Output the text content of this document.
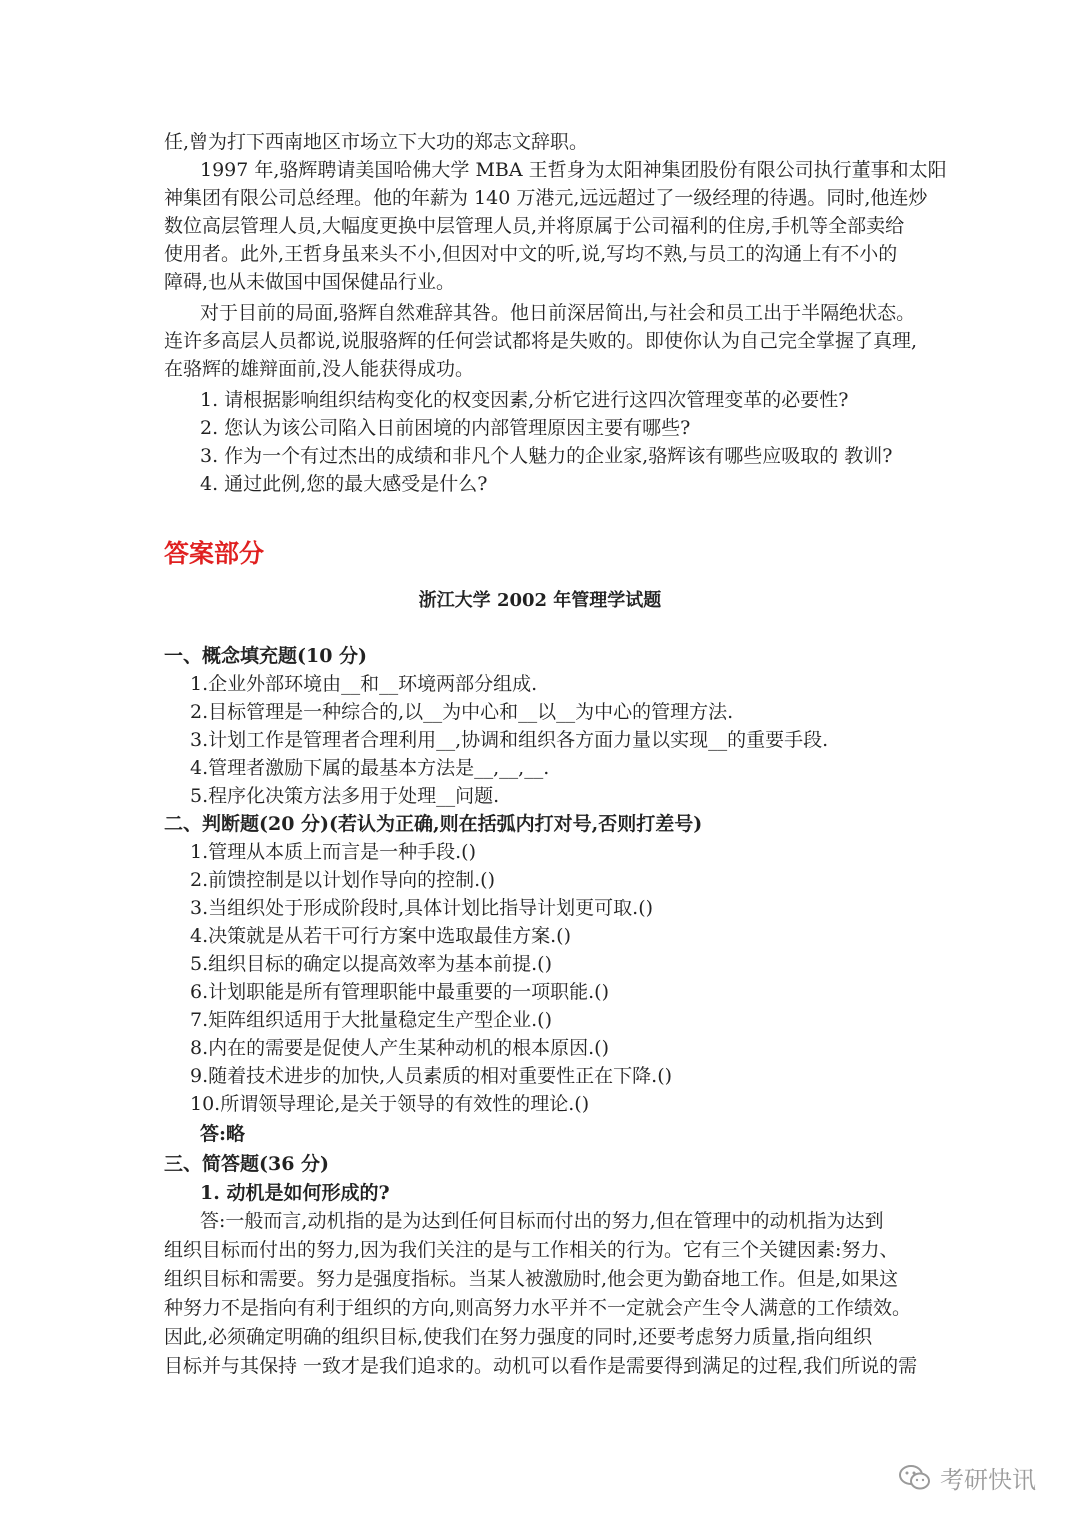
任,曾为打下西南地区市场立下大功的郑志文辞职。
1997 年,骆辉聘请美国哈佛大学 MBA 王哲身为太阳神集团股份有限公司执行董事和太阳
神集团有限公司总经理。他的年薪为 140 万港元,远远超过了一级经理的待遇。同时,他连炒
数位高层管理人员,大幅度更换中层管理人员,并将原属于公司福利的住房,手机等全部卖给
使用者。此外,王哲身虽来头不小,但因对中文的听,说,写均不熟,与员工的沟通上有不小的
障碍,也从未做国中国保健品行业。
对于目前的局面,骆辉自然难辞其咎。他日前深居简出,与社会和员工出于半隔绝状态。
连许多高层人员都说,说服骆辉的任何尝试都将是失败的。即使你认为自己完全掌握了真理,
在骆辉的雄辩面前,没人能获得成功。
1. 请根据影响组织结构变化的权变因素,分析它进行这四次管理变革的必要性?
2. 您认为该公司陷入日前困境的内部管理原因主要有哪些?
3. 作为一个有过杰出的成绩和非凡个人魅力的企业家,骆辉该有哪些应吸取的 教训?
4. 通过此例,您的最大感受是什么?
答案部分
浙江大学 2002 年管理学试题
一、概念填充题(10 分)
1.企业外部环境由__和__环境两部分组成.
2.目标管理是一种综合的,以__为中心和__以__为中心的管理方法.
3.计划工作是管理者合理利用__,协调和组织各方面力量以实现__的重要手段.
4.管理者激励下属的最基本方法是__,__,__.
5.程序化决策方法多用于处理__问题.
二、判断题(20 分)(若认为正确,则在括弧内打对号,否则打差号)
1.管理从本质上而言是一种手段.()
2.前馈控制是以计划作导向的控制.()
3.当组织处于形成阶段时,具体计划比指导计划更可取.()
4.决策就是从若干可行方案中选取最佳方案.()
5.组织目标的确定以提高效率为基本前提.()
6.计划职能是所有管理职能中最重要的一项职能.()
7.矩阵组织适用于大批量稳定生产型企业.()
8.内在的需要是促使人产生某种动机的根本原因.()
9.随着技术进步的加快,人员素质的相对重要性正在下降.()
10.所谓领导理论,是关于领导的有效性的理论.()
答:略
三、简答题(36 分)
1. 动机是如何形成的?
答:一般而言,动机指的是为达到任何目标而付出的努力,但在管理中的动机指为达到
组织目标而付出的努力,因为我们关注的是与工作相关的行为。它有三个关键因素:努力、
组织目标和需要。努力是强度指标。当某人被激励时,他会更为勤奋地工作。但是,如果这
种努力不是指向有利于组织的方向,则高努力水平并不一定就会产生令人满意的工作绩效。
因此,必须确定明确的组织目标,使我们在努力强度的同时,还要考虑努力质量,指向组织
目标并与其保持 一致才是我们追求的。动机可以看作是需要得到满足的过程,我们所说的需
考研快讯
